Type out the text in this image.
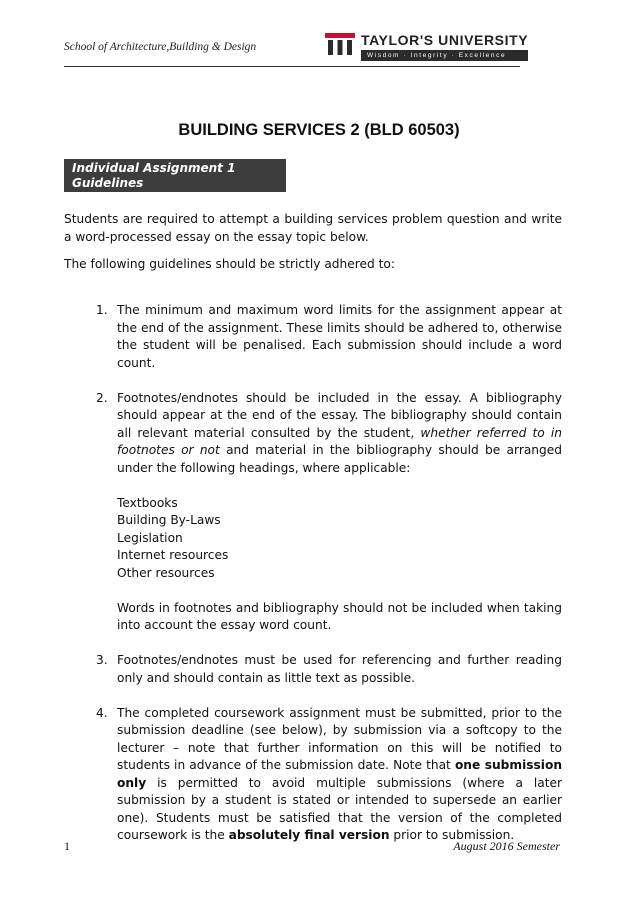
School of Architecture,Building & Design	TAYLOR'S UNIVERSITY
Wisdom · Integrity · Excellence
BUILDING SERVICES 2 (BLD 60503)
Individual Assignment 1
Guidelines

Students are required to attempt a building services problem question and write a word-processed essay on the essay topic below.

The following guidelines should be strictly adhered to:

1. The minimum and maximum word limits for the assignment appear at the end of the assignment. These limits should be adhered to, otherwise the student will be penalised. Each submission should include a word count.

2. Footnotes/endnotes should be included in the essay. A bibliography should appear at the end of the essay. The bibliography should contain all relevant material consulted by the student, whether referred to in footnotes or not and material in the bibliography should be arranged under the following headings, where applicable:

Textbooks
Building By-Laws
Legislation
Internet resources
Other resources

Words in footnotes and bibliography should not be included when taking into account the essay word count.

3. Footnotes/endnotes must be used for referencing and further reading only and should contain as little text as possible.

4. The completed coursework assignment must be submitted, prior to the submission deadline (see below), by submission via a softcopy to the lecturer – note that further information on this will be notified to students in advance of the submission date. Note that one submission only is permitted to avoid multiple submissions (where a later submission by a student is stated or intended to supersede an earlier one). Students must be satisfied that the version of the completed coursework is the absolutely final version prior to submission.

1	August 2016 Semester
